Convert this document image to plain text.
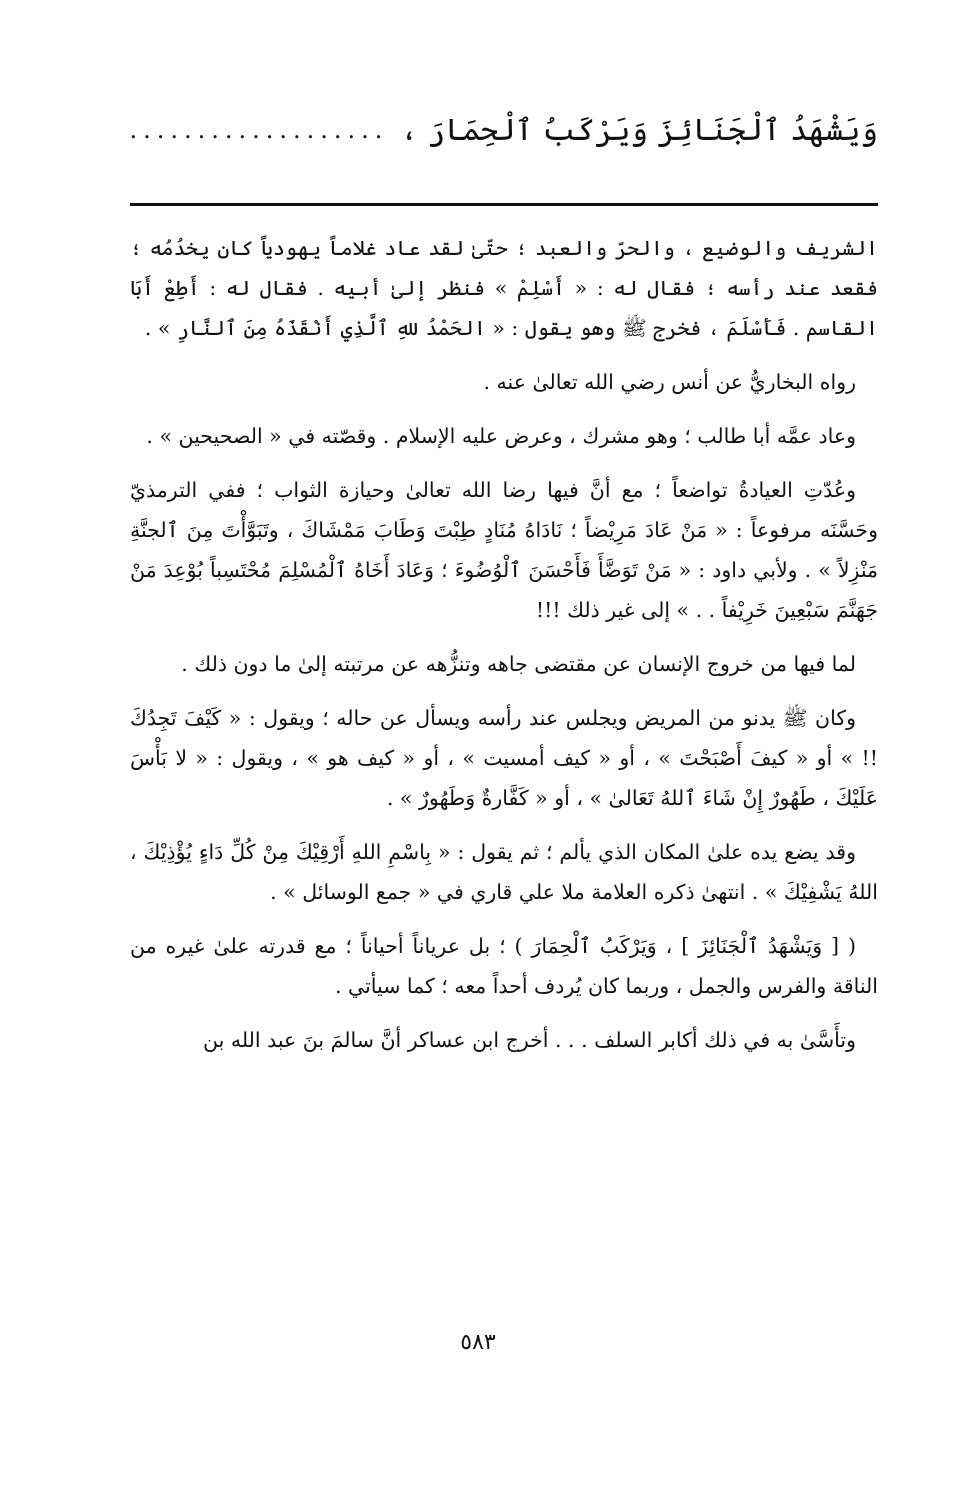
وَيَشْهَدُ ٱلْجَنَائِزَ وَيَرْكَبُ ٱلْحِمَارَ ،
...................

الشريف والوضيع ، والحرّ والعبد ؛ حتّىٰ لقد عاد غلاماً يهودياً كان يخدُمُه ؛ فقعد عند رأسه ؛ فقال له : « أَسْلِمْ » فنظر إلىٰ أبيه . فقال له : أَطِعْ أَبَا القاسم . فَأَسْلَمَ ، فخرج ﷺ وهو يقول : « الحَمْدُ للهِ ٱلَّذِي أَنْقَذَهُ مِنَ ٱلنَّارِ » .

رواه البخاريُّ عن أنس رضي الله تعالىٰ عنه .

وعاد عمَّه أبا طالب ؛ وهو مشرك ، وعرض عليه الإسلام . وقصّته في « الصحيحين » .

وعُدّتِ العيادةُ تواضعاً ؛ مع أنَّ فيها رضا الله تعالىٰ وحيازة الثواب ؛ ففي الترمذيّ وحَسَّنَه مرفوعاً : « مَنْ عَادَ مَرِيْضاً ؛ نَادَاهُ مُنَادٍ طِبْتَ وَطَابَ مَمْشَاكَ ، وتَبَوَّأْتَ مِنَ ٱلجنَّةِ مَنْزِلاً » . ولأبي داود : « مَنْ تَوَضَّأَ فَأَحْسَنَ ٱلْوُضُوءَ ؛ وَعَادَ أَخَاهُ ٱلْمُسْلِمَ مُحْتَسِباً بُوْعِدَ مَنْ جَهَنَّمَ سَبْعِينَ خَرِيْفاً . . » إلى غير ذلك !!!

لما فيها من خروج الإنسان عن مقتضى جاهه وتنزُّهه عن مرتبته إلىٰ ما دون ذلك .

وكان ﷺ يدنو من المريض ويجلس عند رأسه ويسأل عن حاله ؛ ويقول : « كَيْفَ تَجِدُكَ !! » أو « كيفَ أَصْبَحْتَ » ، أو « كيف أمسيت » ، أو « كيف هو » ، ويقول : « لا بَأْسَ عَلَيْكَ ، طَهُورٌ إِنْ شَاءَ ٱللهُ تَعَالىٰ » ، أو « كَفَّارةٌ وَطَهُورٌ » .

وقد يضع يده علىٰ المكان الذي يألم ؛ ثم يقول : « بِاسْمِ اللهِ أَرْقِيْكَ مِنْ كُلِّ دَاءٍ يُؤْذِيْكَ ، اللهُ يَشْفِيْكَ » . انتهىٰ ذكره العلامة ملا علي قاري في « جمع الوسائل » .

( [ وَيَشْهَدُ ٱلْجَنَائِزَ ] ، وَيَرْكَبُ ٱلْحِمَارَ ) ؛ بل عرياناً أحياناً ؛ مع قدرته علىٰ غيره من الناقة والفرس والجمل ، وربما كان يُردف أحداً معه ؛ كما سيأتي .

وتأَسَّىٰ به في ذلك أكابر السلف . . . أخرج ابن عساكر أنَّ سالمَ بنَ عبد الله بن

٥٨٣
